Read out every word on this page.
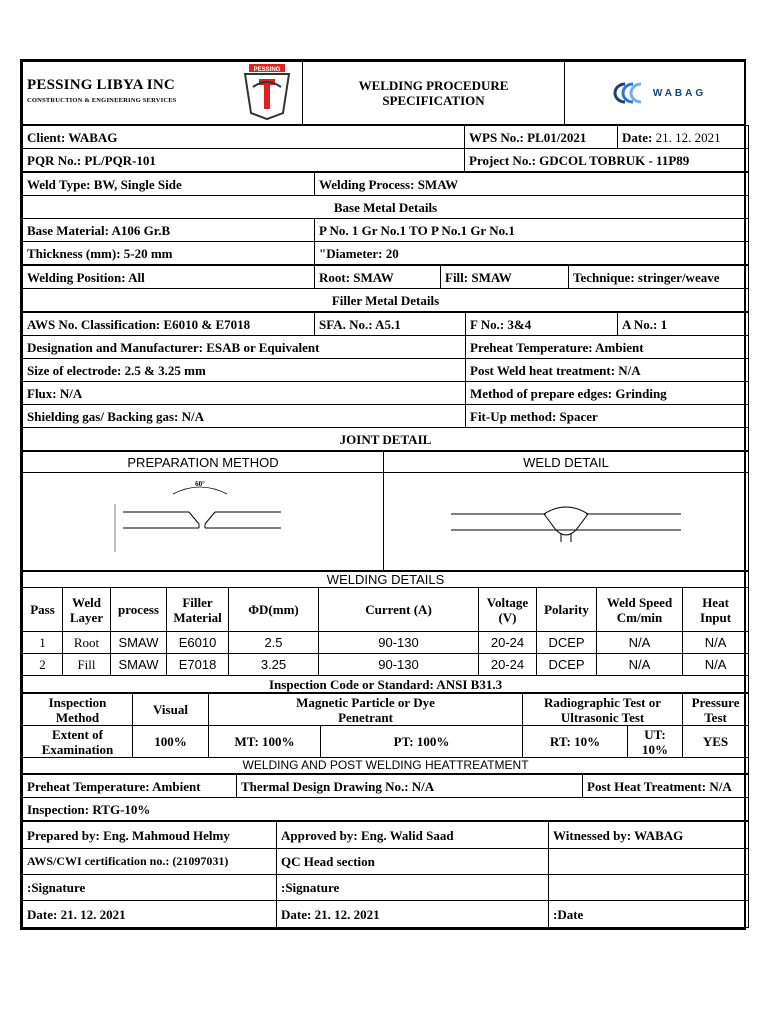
PESSING LIBYA INC
CONSTRUCTION & ENGINEERING SERVICES

PESSING

WELDING PROCEDURE
SPECIFICATION	WABAG
Client: WABAG	WPS No.: PL01/2021	Date: 21. 12. 2021
PQR No.: PL/PQR-101	Project No.: GDCOL TOBRUK - 11P89	
Weld Type: BW, Single Side	Welding Process: SMAW
Base Metal Details	
Base Material: A106 Gr.B	P No. 1 Gr No.1 TO P No.1 Gr No.1
Thickness (mm): 5-20 mm	"Diameter: 20
Welding Position: All	Root: SMAW	Fill: SMAW	Technique: stringer/weave
Filler Metal Details
AWS No. Classification: E6010 & E7018	SFA. No.: A5.1	F No.: 3&4	A No.: 1
Designation and Manufacturer: ESAB or Equivalent		Preheat Temperature: Ambient	
Size of electrode: 2.5 & 3.25 mm		Post Weld heat treatment: N/A	
Flux: N/A		Method of prepare edges: Grinding	
Shielding gas/ Backing gas: N/A		Fit-Up method: Spacer	
JOINT DETAIL			
PREPARATION METHOD	WELD DETAIL

60°

WELDING DETAILS									
Pass	Weld Layer	process	Filler Material	ΦD(mm)	Current (A)	Voltage (V)	Polarity	Weld Speed Cm/min	Heat Input
1	Root	SMAW	E6010	2.5	90-130	20-24	DCEP	N/A	N/A
2	Fill	SMAW	E7018	3.25	90-130	20-24	DCEP	N/A	N/A
Inspection Code or Standard: ANSI B31.3									
Inspection Method	Visual	Magnetic Particle or Dye Penetrant		Radiographic Test or Ultrasonic Test		Pressure Test
Extent of Examination	100%	MT: 100%	PT: 100%	RT: 10%	UT: 10%	YES
WELDING AND POST WELDING HEATTREATMENT						
Preheat Temperature: Ambient	Thermal Design Drawing No.: N/A	Post Heat Treatment: N/A
Inspection: RTG-10%
Prepared by: Eng. Mahmoud Helmy	Approved by: Eng. Walid Saad	Witnessed by: WABAG
AWS/CWI certification no.: (21097031)	QC Head section	
:Signature	:Signature	
Date: 21. 12. 2021	Date: 21. 12. 2021	:Date
